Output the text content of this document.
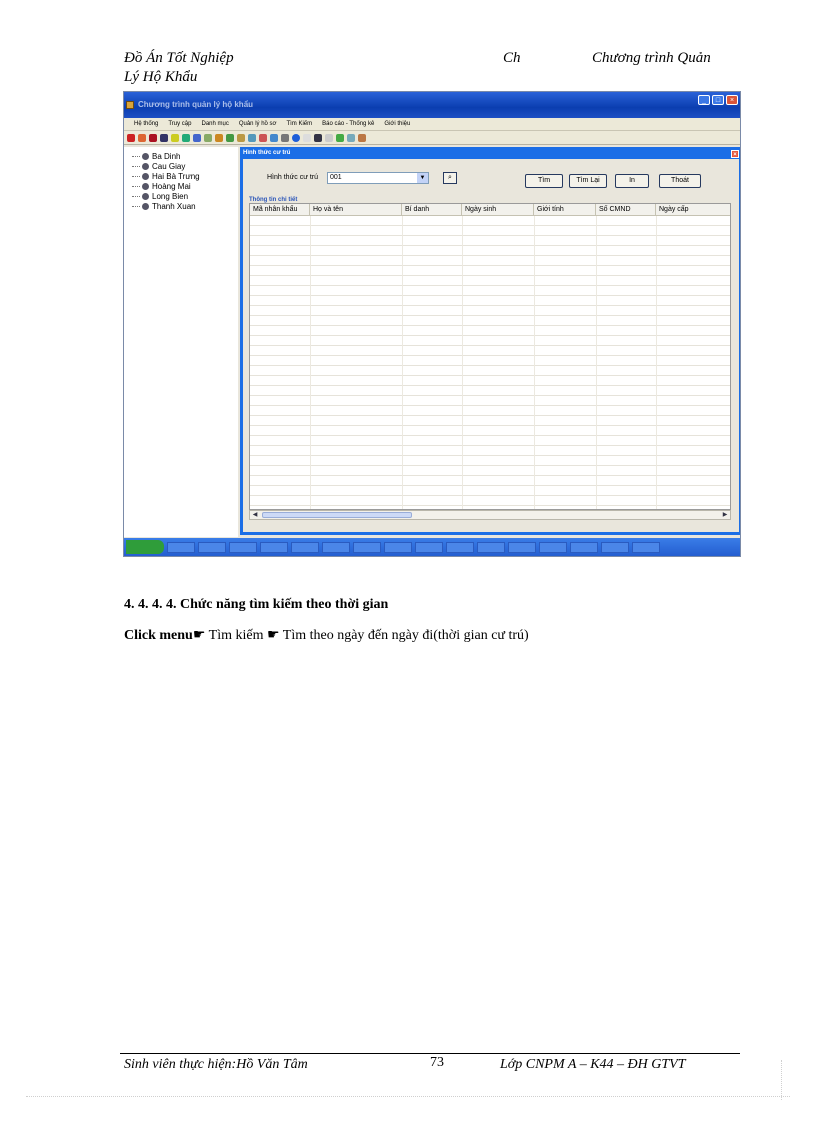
Đồ Án Tốt Nghiệp	Ch	Chương trình Quản
Lý Hộ Khẩu
Chương trình quản lý hộ khẩu	_	□	×
Hệ thống Truy cập Danh mục Quản lý hồ sơ Tìm Kiếm Báo cáo - Thống kê Giới thiệu
Ba Dinh
Cau Giay
Hai Bà Trưng
Hoàng Mai
Long Bien
Thanh Xuan
Hình thức cư trú	×
Hình thức cư trú	001	▼	⌕	Tìm	Tìm Lại	In	Thoát
Thông tin chi tiết
Mã nhân khẩu	Họ và tên	Bí danh	Ngày sinh	Giới tính	Số CMND	Ngày cấp
◀	▶
4. 4. 4. 4. Chức năng tìm kiếm theo thời gian
Click menu☛ Tìm kiếm ☛ Tìm theo ngày đến ngày đi(thời gian cư trú)
Sinh viên thực hiện:Hồ Văn Tâm	73	Lớp CNPM A – K44 – ĐH GTVT
